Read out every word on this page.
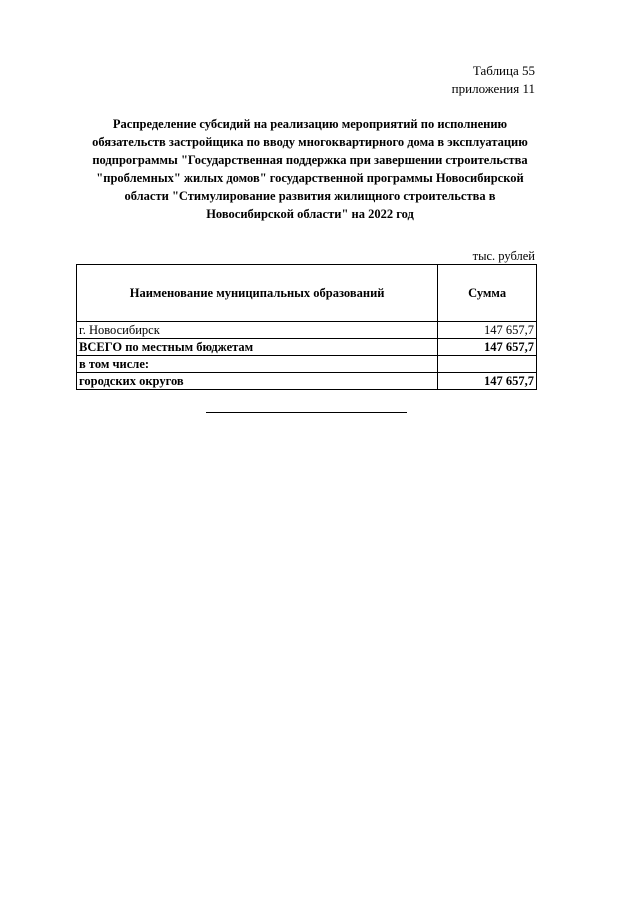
Таблица 55
приложения 11
Распределение субсидий на реализацию мероприятий по исполнению
обязательств застройщика по вводу многоквартирного дома в эксплуатацию
подпрограммы "Государственная поддержка при завершении строительства
"проблемных" жилых домов" государственной программы Новосибирской
области "Стимулирование развития жилищного строительства в
Новосибирской области" на 2022 год
тыс. рублей
Наименование муниципальных образований	Сумма
г. Новосибирск	147 657,7
ВСЕГО по местным бюджетам	147 657,7
в том числе:	
городских округов	147 657,7
